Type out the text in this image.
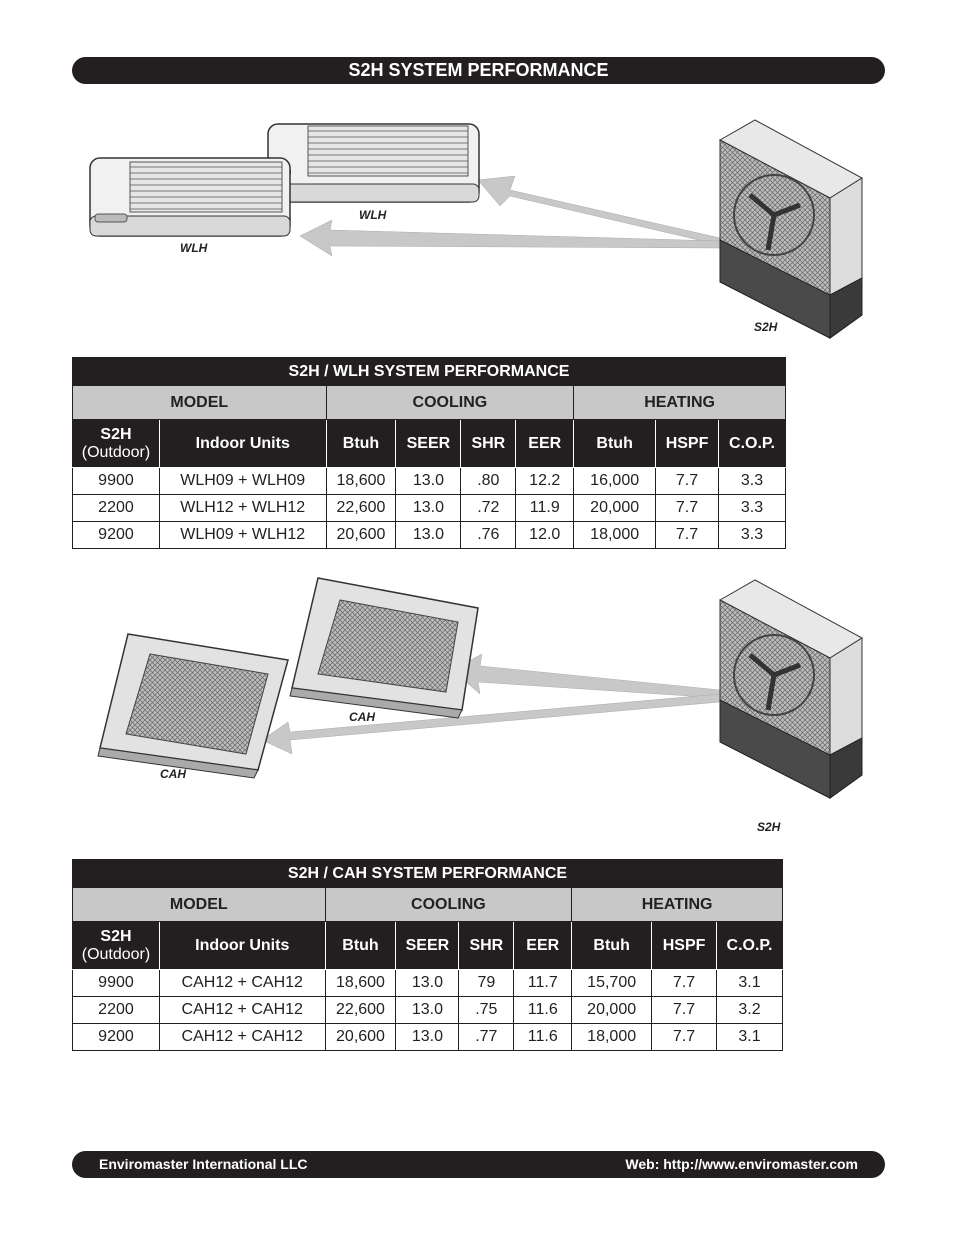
S2H SYSTEM PERFORMANCE
WLH
WLH
S2H
S2H / WLH SYSTEM PERFORMANCE								
MODEL		COOLING				HEATING		
S2H
(Outdoor)	Indoor Units	Btuh	SEER	SHR	EER	Btuh	HSPF	C.O.P.
9900	WLH09 + WLH09	18,600	13.0	.80	12.2	16,000	7.7	3.3
2200	WLH12 + WLH12	22,600	13.0	.72	11.9	20,000	7.7	3.3
9200	WLH09 + WLH12	20,600	13.0	.76	12.0	18,000	7.7	3.3
CAH
CAH
S2H
S2H / CAH SYSTEM PERFORMANCE								
MODEL		COOLING				HEATING		
S2H
(Outdoor)	Indoor Units	Btuh	SEER	SHR	EER	Btuh	HSPF	C.O.P.
9900	CAH12 + CAH12	18,600	13.0	79	11.7	15,700	7.7	3.1
2200	CAH12 + CAH12	22,600	13.0	.75	11.6	20,000	7.7	3.2
9200	CAH12 + CAH12	20,600	13.0	.77	11.6	18,000	7.7	3.1
Enviromaster International LLC	Web: http://www.enviromaster.com
